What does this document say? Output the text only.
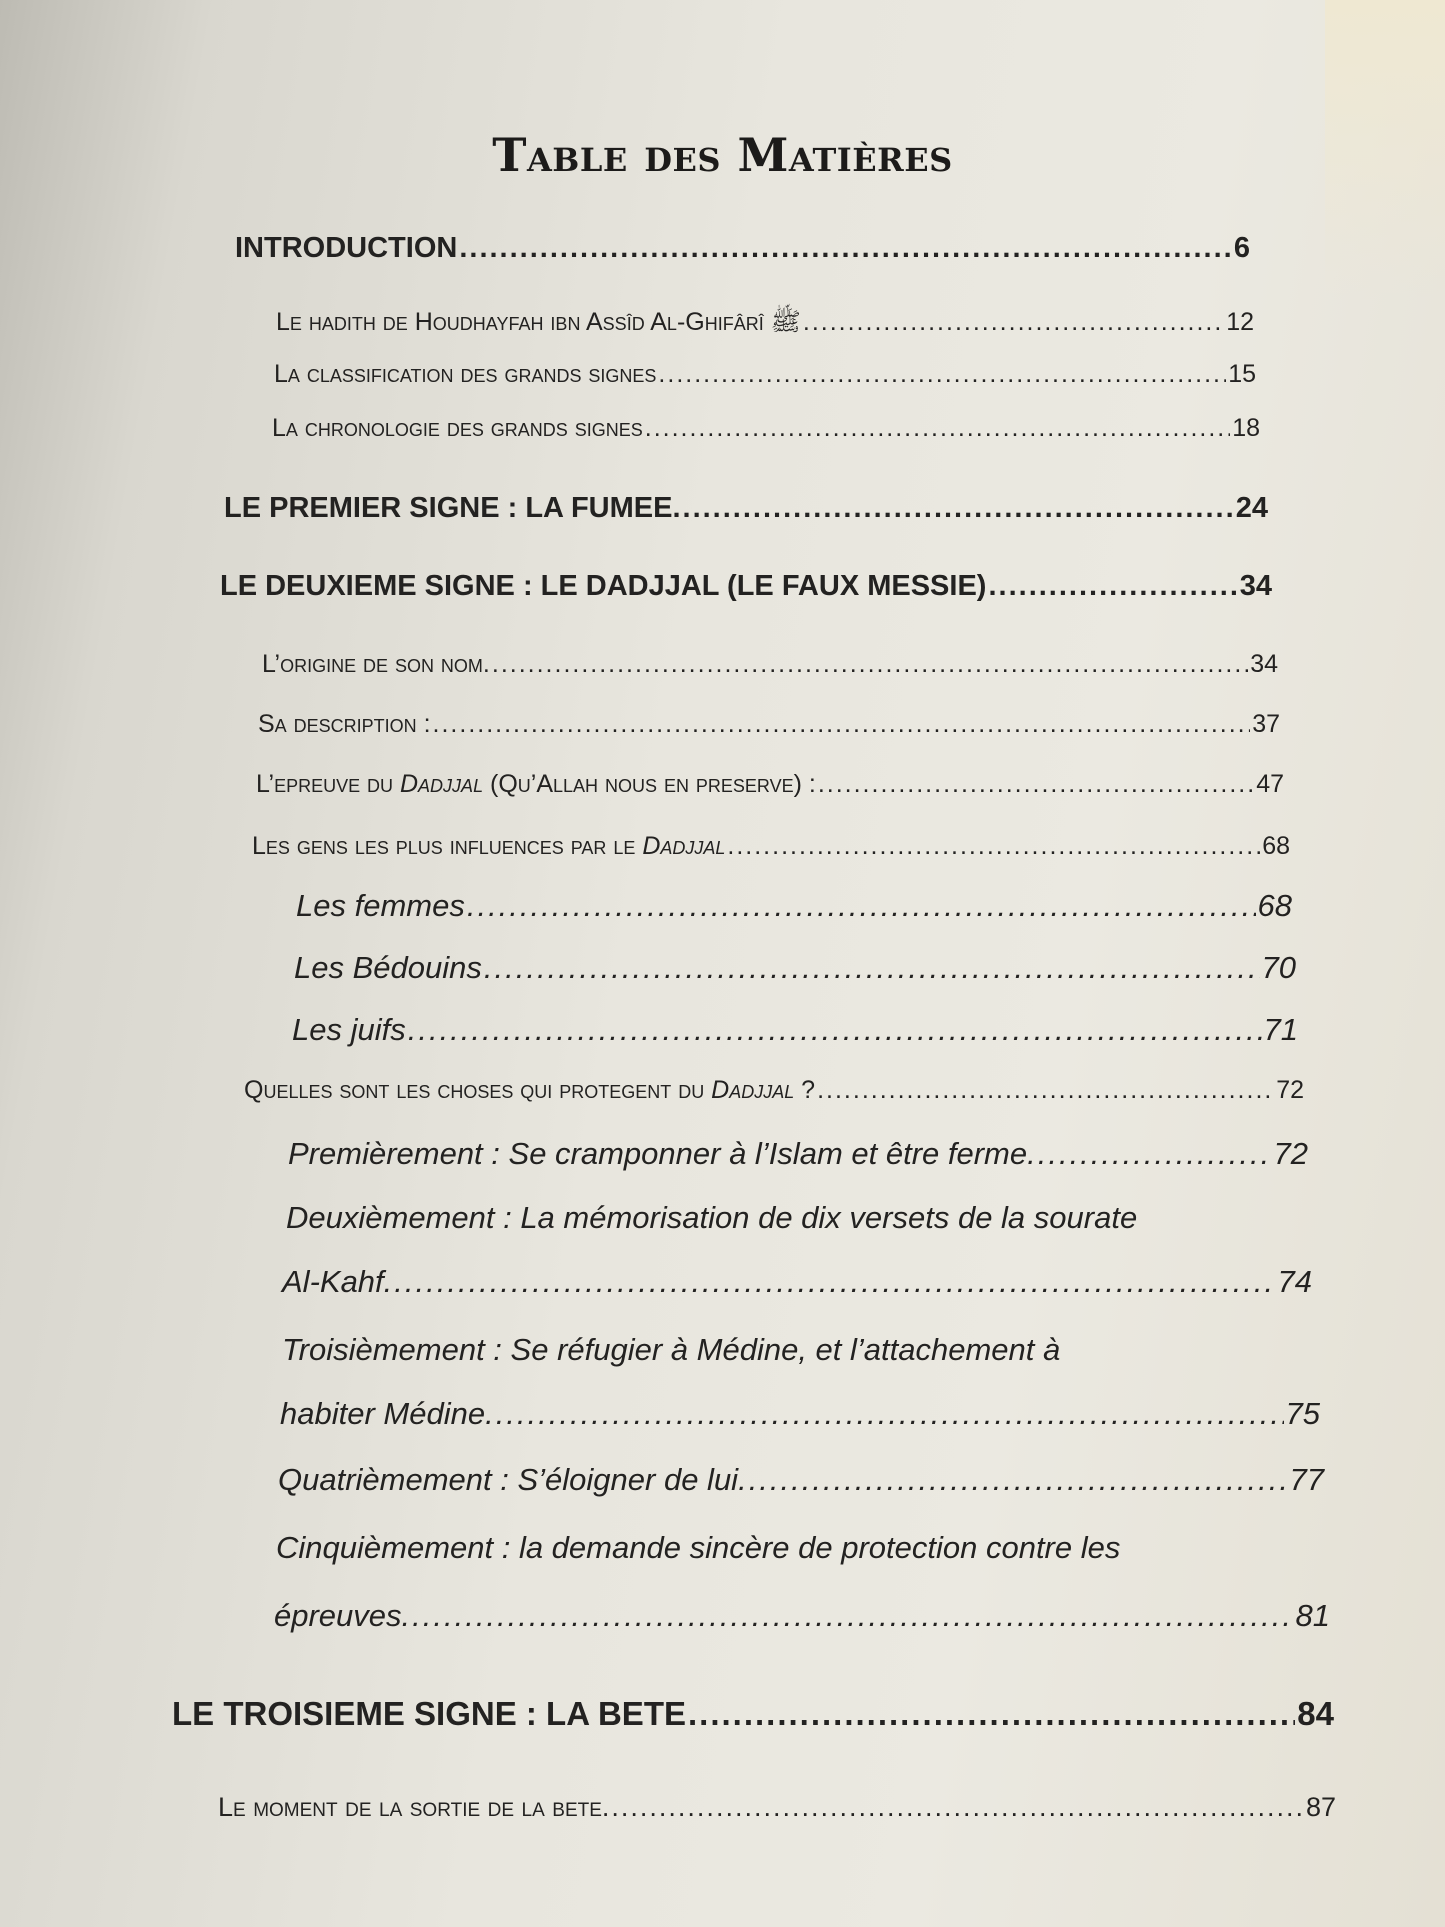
Table des Matières
INTRODUCTION .....	6
Le hadith de Houdhayfah ibn Assîd Al-Ghifârî ﷺ .....	12
La classification des grands signes .....	15
La chronologie des grands signes .....	18
LE PREMIER SIGNE : LA FUMEE. .....	24
LE DEUXIEME SIGNE : LE DADJJAL (LE FAUX MESSIE) .....	34
L’origine de son nom. .....	34
Sa description : .....	37
L’epreuve du Dadjjal (Qu’Allah nous en preserve) : .....	47
Les gens les plus influences par le Dadjjal .....	68
Les femmes .....	68
Les Bédouins .....	70
Les juifs .....	71
Quelles sont les choses qui protegent du Dadjjal ? .....	72
Premièrement : Se cramponner à l’Islam et être ferme. .....	72
Deuxièmement : La mémorisation de dix versets de la sourate
Al-Kahf. .....	74
Troisièmement : Se réfugier à Médine, et l’attachement à
habiter Médine. .....	75
Quatrièmement : S’éloigner de lui. .....	77
Cinquièmement : la demande sincère de protection contre les
épreuves. .....	81
LE TROISIEME SIGNE : LA BETE .....	84
Le moment de la sortie de la bete. .....	87
